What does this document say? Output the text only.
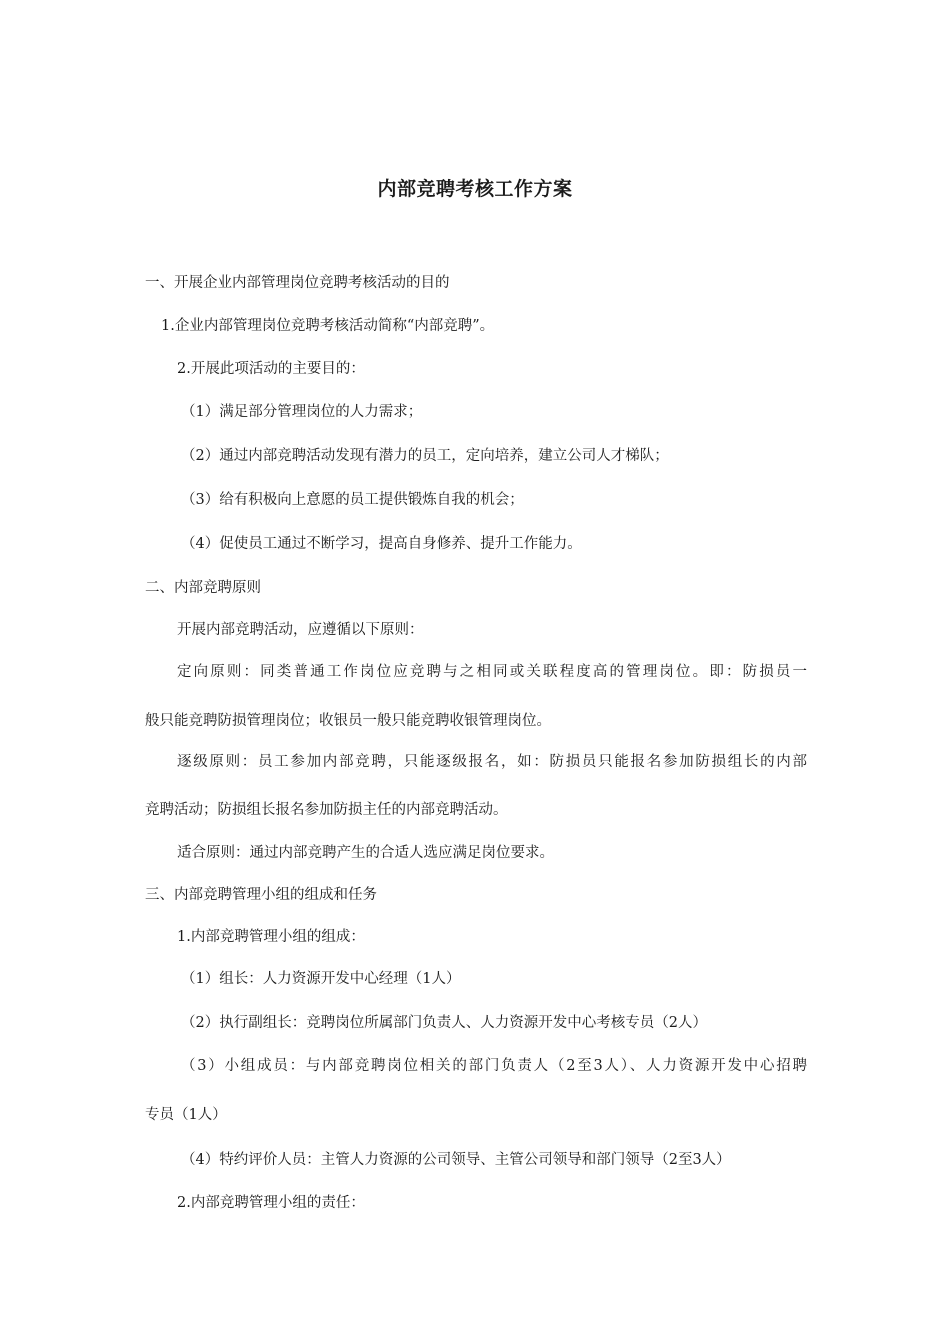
内部竞聘考核工作方案
一、开展企业内部管理岗位竞聘考核活动的目的
1.企业内部管理岗位竞聘考核活动简称“内部竞聘”。
2.开展此项活动的主要目的：
（1）满足部分管理岗位的人力需求；
（2）通过内部竞聘活动发现有潜力的员工，定向培养，建立公司人才梯队；
（3）给有积极向上意愿的员工提供锻炼自我的机会；
（4）促使员工通过不断学习，提高自身修养、提升工作能力。
二、内部竞聘原则
开展内部竞聘活动，应遵循以下原则：
定向原则：同类普通工作岗位应竞聘与之相同或关联程度高的管理岗位。即：防损员一
般只能竞聘防损管理岗位；收银员一般只能竞聘收银管理岗位。
逐级原则：员工参加内部竞聘，只能逐级报名，如：防损员只能报名参加防损组长的内部
竞聘活动；防损组长报名参加防损主任的内部竞聘活动。
适合原则：通过内部竞聘产生的合适人选应满足岗位要求。
三、内部竞聘管理小组的组成和任务
1.内部竞聘管理小组的组成：
（1）组长：人力资源开发中心经理（1人）
（2）执行副组长：竞聘岗位所属部门负责人、人力资源开发中心考核专员（2人）
（3）小组成员：与内部竞聘岗位相关的部门负责人（2至3人）、人力资源开发中心招聘
专员（1人）
（4）特约评价人员：主管人力资源的公司领导、主管公司领导和部门领导（2至3人）
2.内部竞聘管理小组的责任：
